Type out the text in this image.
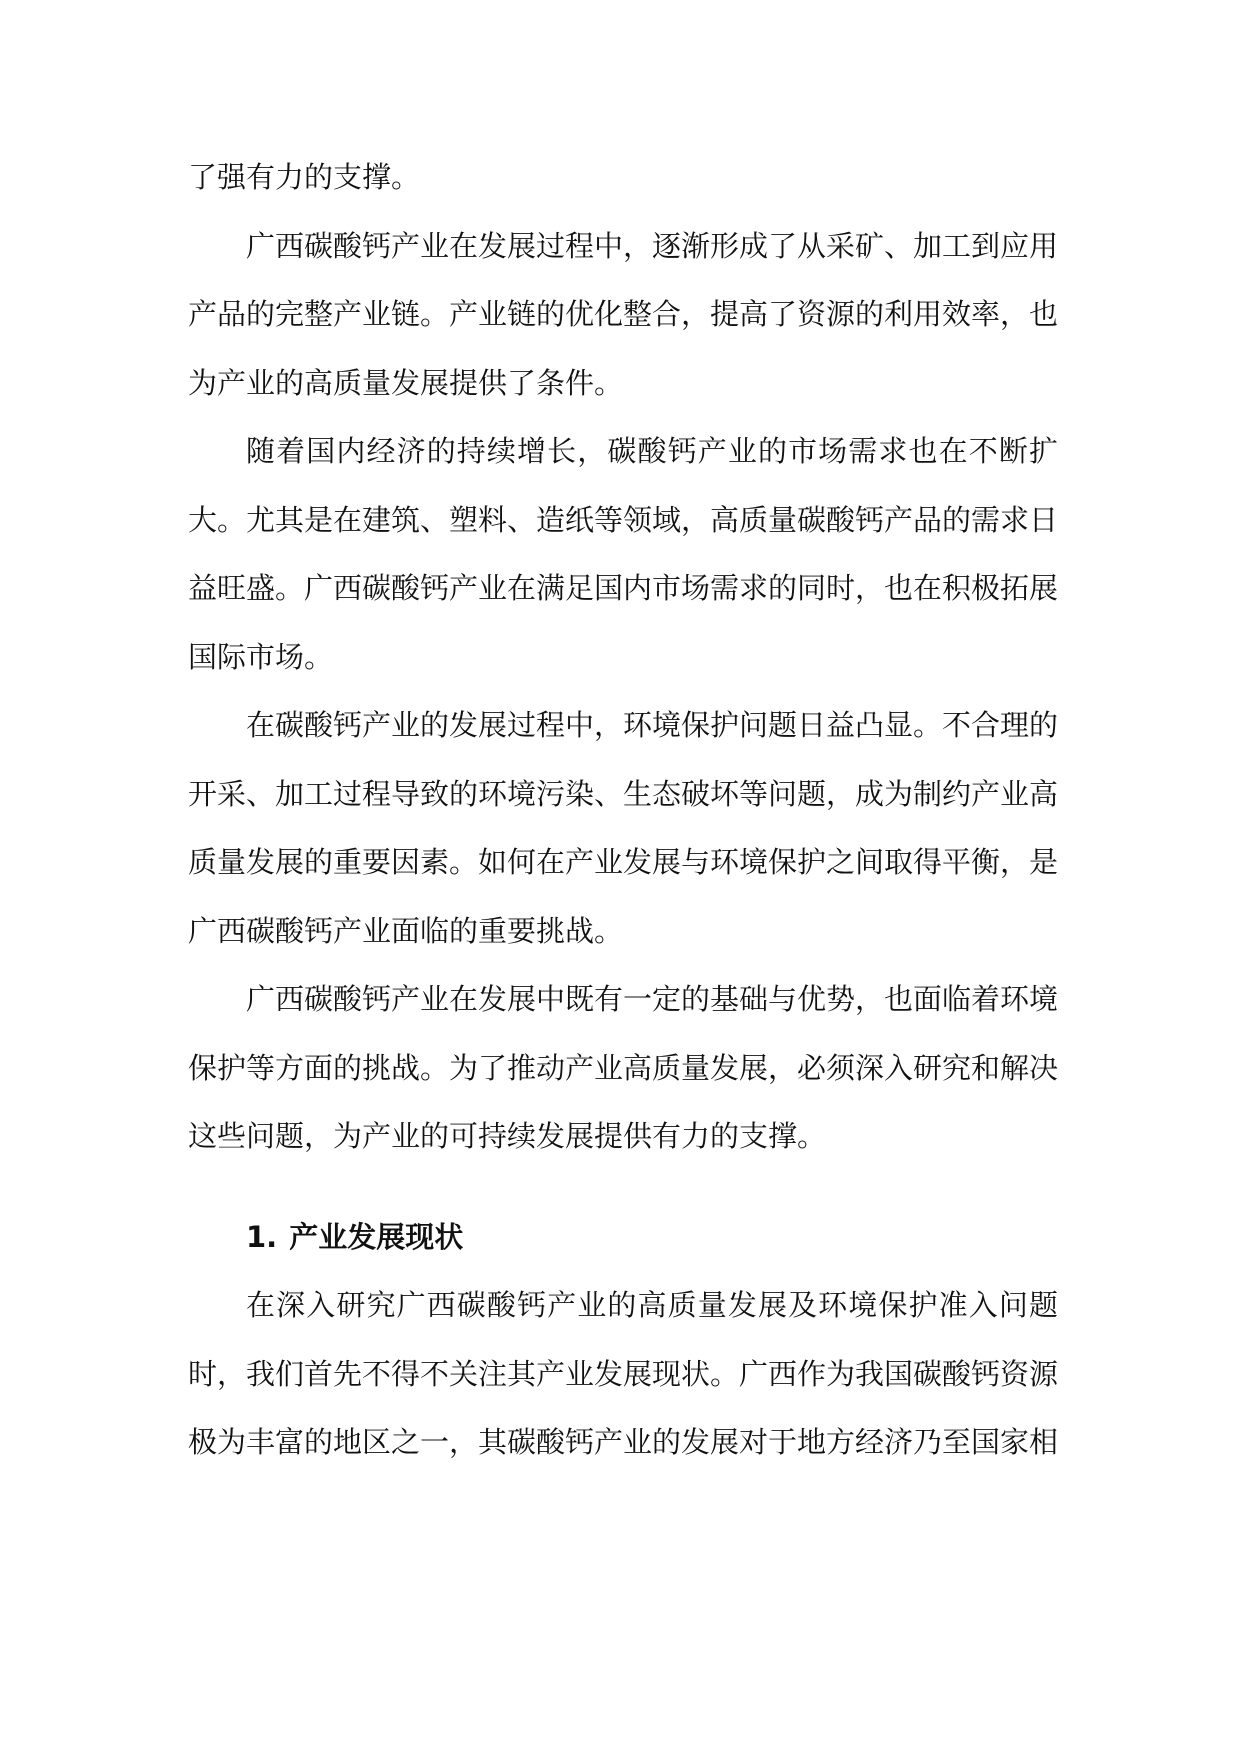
了强有力的支撑。

广西碳酸钙产业在发展过程中，逐渐形成了从采矿、加工到应用产品的完整产业链。产业链的优化整合，提高了资源的利用效率，也为产业的高质量发展提供了条件。

随着国内经济的持续增长，碳酸钙产业的市场需求也在不断扩大。尤其是在建筑、塑料、造纸等领域，高质量碳酸钙产品的需求日益旺盛。广西碳酸钙产业在满足国内市场需求的同时，也在积极拓展国际市场。

在碳酸钙产业的发展过程中，环境保护问题日益凸显。不合理的开采、加工过程导致的环境污染、生态破坏等问题，成为制约产业高质量发展的重要因素。如何在产业发展与环境保护之间取得平衡，是广西碳酸钙产业面临的重要挑战。

广西碳酸钙产业在发展中既有一定的基础与优势，也面临着环境保护等方面的挑战。为了推动产业高质量发展，必须深入研究和解决这些问题，为产业的可持续发展提供有力的支撑。

1. 产业发展现状

在深入研究广西碳酸钙产业的高质量发展及环境保护准入问题时，我们首先不得不关注其产业发展现状。广西作为我国碳酸钙资源极为丰富的地区之一，其碳酸钙产业的发展对于地方经济乃至国家相
